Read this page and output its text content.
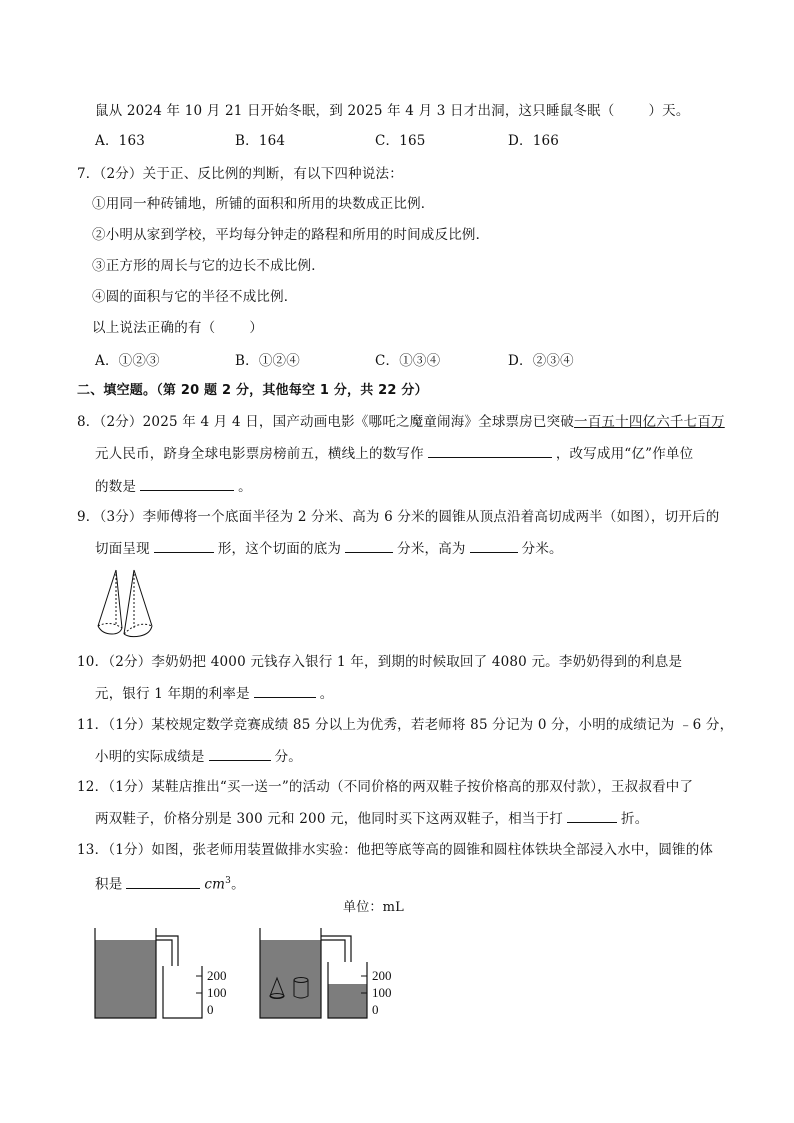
鼠从 2024 年 10 月 21 日开始冬眠，到 2025 年 4 月 3 日才出洞，这只睡鼠冬眠（	）天。
A．163	B．164	C．165	D．166
7．（2分）关于正、反比例的判断，有以下四种说法：
①用同一种砖铺地，所铺的面积和所用的块数成正比例．
②小明从家到学校，平均每分钟走的路程和所用的时间成反比例．
③正方形的周长与它的边长不成比例．
④圆的面积与它的半径不成比例．
以上说法正确的有（	）
A．①②③	B．①②④	C．①③④	D．②③④
二、填空题。（第 20 题 2 分，其他每空 1 分，共 22 分）
8．（2分）2025 年 4 月 4 日，国产动画电影《哪吒之魔童闹海》全球票房已突破一百五十四亿六千七百万
元人民币，跻身全球电影票房榜前五，横线上的数写作	，改写成用“亿”作单位
的数是	。
9．（3分）李师傅将一个底面半径为 2 分米、高为 6 分米的圆锥从顶点沿着高切成两半（如图），切开后的
切面呈现	形，这个切面的底为	分米，高为	分米。
10．（2分）李奶奶把 4000 元钱存入银行 1 年，到期的时候取回了 4080 元。李奶奶得到的利息是
元，银行 1 年期的利率是	。
11．（1分）某校规定数学竞赛成绩 85 分以上为优秀，若老师将 85 分记为 0 分，小明的成绩记为 ﹣6 分，
小明的实际成绩是	分。
12．（1分）某鞋店推出“买一送一”的活动（不同价格的两双鞋子按价格高的那双付款），王叔叔看中了
两双鞋子，价格分别是 300 元和 200 元，他同时买下这两双鞋子，相当于打	折。
13．（1分）如图，张老师用装置做排水实验：他把等底等高的圆锥和圆柱体铁块全部浸入水中，圆锥的体
积是	$cm^3$。
单位：mL
200
100
0
200
100
0
